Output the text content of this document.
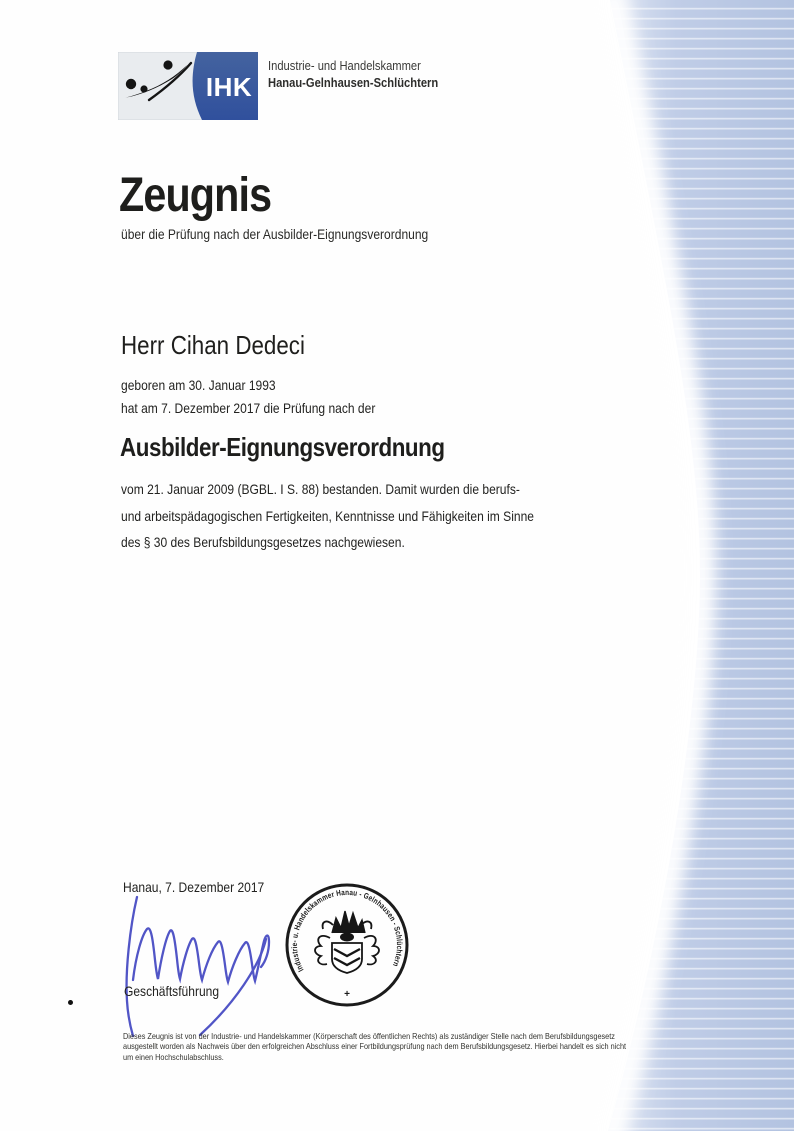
IHK
Industrie- und Handelskammer
Hanau-Gelnhausen-Schlüchtern
Zeugnis
über die Prüfung nach der Ausbilder-Eignungsverordnung
Herr Cihan Dedeci
geboren am 30. Januar 1993
hat am 7. Dezember 2017 die Prüfung nach der
Ausbilder-Eignungsverordnung
vom 21. Januar 2009 (BGBL. I S. 88) bestanden. Damit wurden die berufs-
und arbeitspädagogischen Fertigkeiten, Kenntnisse und Fähigkeiten im Sinne
des § 30 des Berufsbildungsgesetzes nachgewiesen.
Hanau, 7. Dezember 2017
Geschäftsführung
Industrie- u. Handelskammer Hanau - Gelnhausen - Schlüchtern
+
Dieses Zeugnis ist von der Industrie- und Handelskammer (Körperschaft des öffentlichen Rechts) als zuständiger Stelle nach dem Berufsbildungsgesetz
ausgestellt worden als Nachweis über den erfolgreichen Abschluss einer Fortbildungsprüfung nach dem Berufsbildungsgesetz. Hierbei handelt es sich nicht
um einen Hochschulabschluss.
